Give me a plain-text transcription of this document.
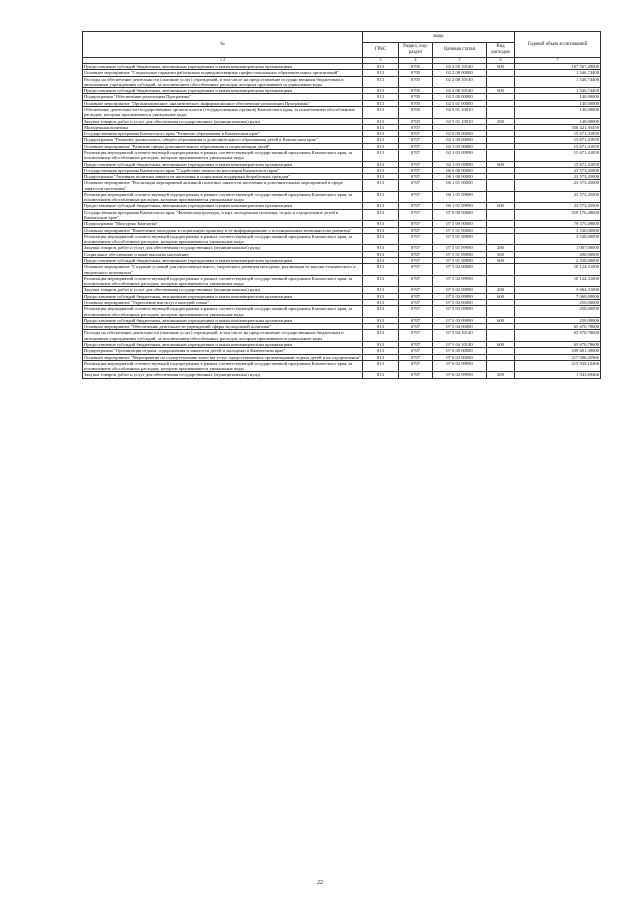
№	коды				Годовой объем ассигнований
	ГРБС	Раздел, под-раздел	Целевая статья	Вид расходов	
1 2	3	4	5	6	7
Предоставление субсидий бюджетным, автономным учреждениям и иным некоммерческим организациям	813	0705	02 2 05 10140	600	107 567,49000
Основное мероприятие "Социальные гарантии работникам подведомственных профессиональных образовательных организаций"	813	0705	02 2 08 00000		1 546,74400
Расходы на обеспечение деятельности (оказание услуг) учреждений, в том числе на предоставление государственным бюджетным и автономным учреждениям субсидий, за исключением обособленных расходов, которым присваиваются уникальные коды	813	0705	02 2 08 10140		1 546,74400
Предоставление субсидий бюджетным, автономным учреждениям и иным некоммерческим организациям	813	0705	02 2 08 10140	600	1 546,74400
Подпрограмма "Обеспечение реализации Программы"	813	0705	02 5 00 00000		140,00000
Основное мероприятие "Организационное, аналитическое, информационное обеспечение реализации Программы"	813	0705	02 5 01 00000		140,00000
Обеспечение деятельности государственных органов власти (государственных органов) Камчатского края, за исключением обособленных расходов, которым присваиваются уникальные коды	813	0705	02 5 01 10010		140,00000
Закупка товаров, работ и услуг для обеспечения государственных (муниципальных) нужд	813	0705	02 5 01 10010	200	140,00000
Молодежная политика	813	0707			356 421,35459
Государственная программа Камчатского края "Развитие образования в Камчатском крае"	813	0707	02 0 00 00000		15 671,41859
Подпрограмма "Развитие дошкольного, общего образования и дополнительного образования детей в Камчатском крае"	813	0707	02 1 00 00000		15 671,41859
Основное мероприятие "Развитие сферы дополнительного образования и социализации детей"	813	0707	02 1 03 00000		15 671,41859
Реализация мероприятий соответствующей подпрограммы в рамках соответствующей государственной программы Камчатского края, за исключением обособленных расходов, которым присваиваются уникальные коды	813	0707	02 1 03 09990		15 671,41859
Предоставление субсидий бюджетным, автономным учреждениям и иным некоммерческим организациям	813	0707	02 1 03 09990	600	15 671,41859
Государственная программа Камчатского края "Содействие занятости населения Камчатского края"	813	0707	06 0 00 00000		23 573,45000
Подпрограмма "Активная политика занятости населения и социальная поддержка безработных граждан"	813	0707	06 1 00 00000		23 573,45000
Основное мероприятие "Реализация мероприятий активной политики занятости населения и дополнительных мероприятий в сфере занятости населения"	813	0707	06 1 01 00000		23 573,45000
Реализация мероприятий соответствующей подпрограммы в рамках соответствующей государственной программы Камчатского края, за исключением обособленных расходов, которым присваиваются уникальные коды	813	0707	06 1 01 09990		23 573,45000
Предоставление субсидий бюджетным, автономным учреждениям и иным некоммерческим организациям	813	0707	06 1 01 09990	600	23 573,45000
Государственная программа Камчатского края "Физическая культура, спорт, молодежная политика, отдых и оздоровление детей в Камчатском крае"	813	0707	07 0 00 00000		319 176,48600
Подпрограмма "Молодежь Камчатки"	813	0707	07 5 00 00000		79 575,49600
Основное мероприятие "Вовлечение молодежи в социальную практику и ее информирование о потенциальных возможностях развития"	813	0707	07 5 01 00000		3 530,00000
Реализация мероприятий соответствующей подпрограммы в рамках соответствующей государственной программы Камчатского края, за исключением обособленных расходов, которым присваиваются уникальные коды	813	0707	07 5 01 09990		3 530,00000
Закупка товаров, работ и услуг для обеспечения государственных (муниципальных) нужд	813	0707	07 5 01 09990	200	1 007,00000
Социальное обеспечение и иные выплаты населению	813	0707	07 5 01 09990	300	200,00000
Предоставление субсидий бюджетным, автономным учреждениям и иным некоммерческим организациям	813	0707	07 5 01 09990	600	2 330,00000
Основное мероприятие "Создание условий для интеллектуального, творческого развития молодежи, реализации ее научно-технического и творческого потенциала"	813	0707	07 5 02 00000		10 124,31000
Реализация мероприятий соответствующей подпрограммы в рамках соответствующей государственной программы Камчатского края, за исключением обособленных расходов, которым присваиваются уникальные коды	813	0707	07 5 02 09990		10 124,31000
Закупка товаров, работ и услуг для обеспечения государственных (муниципальных) нужд	813	0707	07 5 02 09990	200	3 064,31000
Предоставление субсидий бюджетным, автономным учреждениям и иным некоммерческим организациям	813	0707	07 5 02 09990	600	7 060,00000
Основное мероприятие "Укрепление института молодой семьи"	813	0707	07 5 03 00000		250,00000
Реализация мероприятий соответствующей подпрограммы в рамках соответствующей государственной программы Камчатского края, за исключением обособленных расходов, которым присваиваются уникальные коды	813	0707	07 5 03 09990		250,00000
Предоставление субсидий бюджетным, автономным учреждениям и иным некоммерческим организациям	813	0707	07 5 03 09990	600	250,00000
Основное мероприятие "Обеспечение деятельности учреждений сферы молодежной политики"	813	0707	07 5 04 00000		65 670,78600
Расходы на обеспечение деятельности (оказание услуг) учреждений, в том числе на предоставление государственным бюджетным и автономным учреждениям субсидий, за исключением обособленных расходов, которым присваиваются уникальные коды	813	0707	07 5 04 10140		65 670,78600
Предоставление субсидий бюджетным, автономным учреждениям и иным некоммерческим организациям	813	0707	07 5 04 10140	600	65 670,78600
Подпрограмма "Организация отдыха, оздоровления и занятости детей и молодежи в Камчатском крае"	813	0707	07 6 00 00000		239 601,39000
Основное мероприятие "Мероприятия по осуществлению качества услуг, предоставляемых организациями отдыха детей и их оздоровления"	813	0707	07 6 02 00000		217 006,45960
Реализация мероприятий соответствующей подпрограммы в рамках соответствующей государственной программы Камчатского края, за исключением обособленных расходов, которым присваиваются уникальные коды	813	0707	07 6 02 09990		215 939,10466
Закупка товаров, работ и услуг для обеспечения государственных (муниципальных) нужд	813	0707	07 6 02 09990	200	1 943,69466
22
